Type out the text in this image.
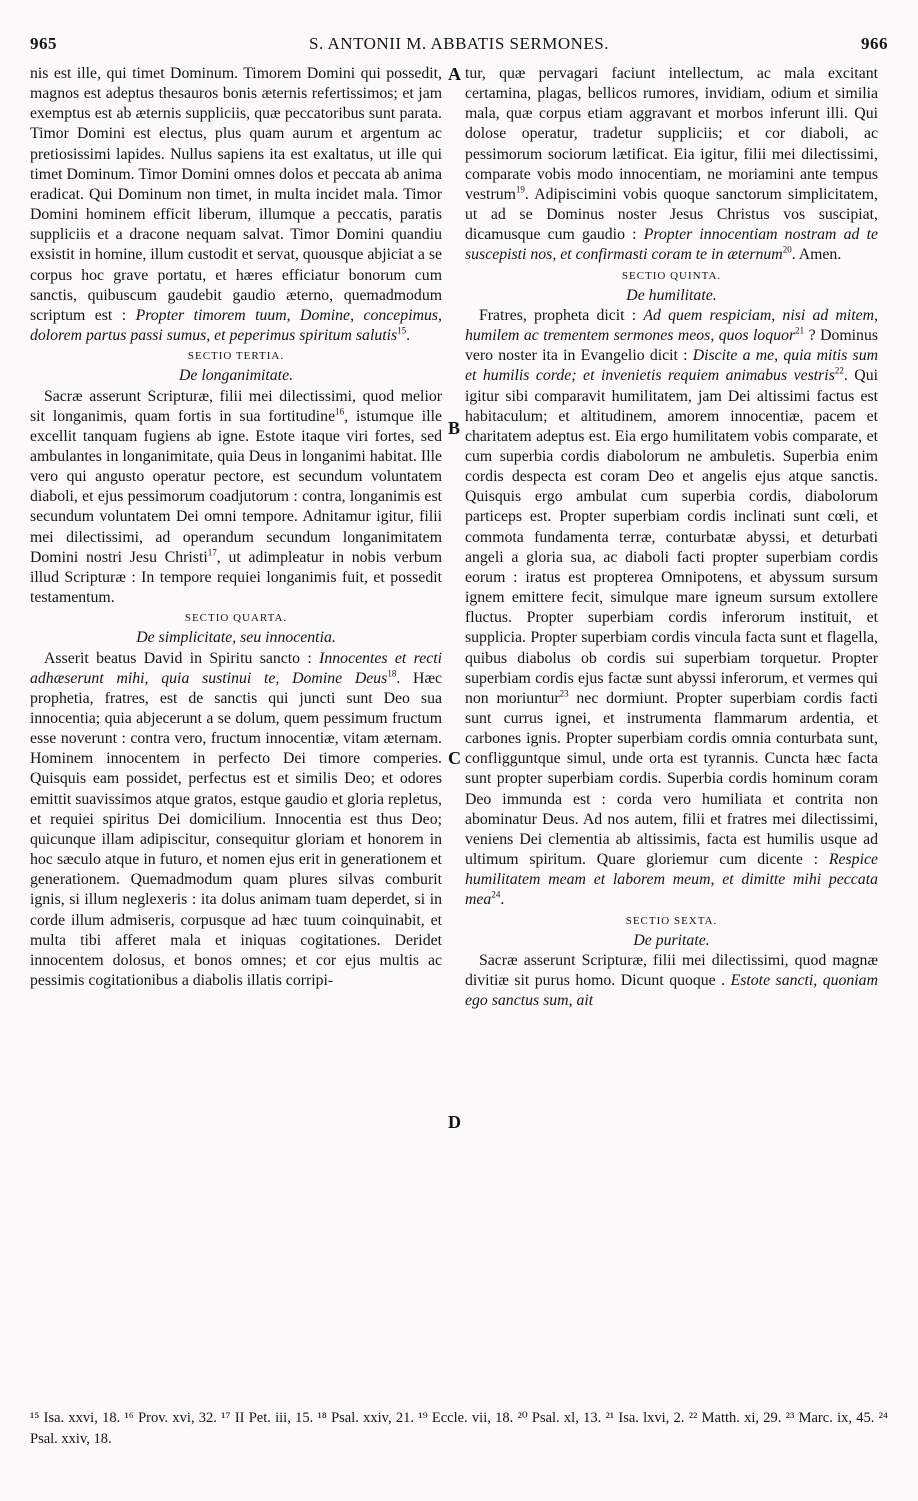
965	S. ANTONII M. ABBATIS SERMONES.	966

nis est ille, qui timet Dominum. Timorem Domini qui possedit, magnos est adeptus thesauros bonis æternis refertissimos; et jam exemptus est ab æternis suppliciis, quæ peccatoribus sunt parata. Timor Domini est electus, plus quam aurum et argentum ac pretiosissimi lapides. Nullus sapiens ita est exaltatus, ut ille qui timet Dominum. Timor Domini omnes dolos et peccata ab anima eradicat. Qui Dominum non timet, in multa incidet mala. Timor Domini hominem efficit liberum, illumque a peccatis, paratis suppliciis et a dracone nequam salvat. Timor Domini quandiu exsistit in homine, illum custodit et servat, quousque abjiciat a se corpus hoc grave portatu, et hæres efficiatur bonorum cum sanctis, quibuscum gaudebit gaudio æterno, quemadmodum scriptum est : Propter timorem tuum, Domine, concepimus, dolorem partus passi sumus, et peperimus spiritum salutis$^{15}$.

SECTIO TERTIA.
De longanimitate.

Sacræ asserunt Scripturæ, filii mei dilectissimi, quod melior sit longanimis, quam fortis in sua fortitudine$^{16}$, istumque ille excellit tanquam fugiens ab igne. Estote itaque viri fortes, sed ambulantes in longanimitate, quia Deus in longanimi habitat. Ille vero qui angusto operatur pectore, est secundum voluntatem diaboli, et ejus pessimorum coadjutorum : contra, longanimis est secundum voluntatem Dei omni tempore. Adnitamur igitur, filii mei dilectissimi, ad operandum secundum longanimitatem Domini nostri Jesu Christi$^{17}$, ut adimpleatur in nobis verbum illud Scripturæ : In tempore requiei longanimis fuit, et possedit testamentum.

SECTIO QUARTA.
De simplicitate, seu innocentia.

Asserit beatus David in Spiritu sancto : Innocentes et recti adhæserunt mihi, quia sustinui te, Domine Deus$^{18}$. Hæc prophetia, fratres, est de sanctis qui juncti sunt Deo sua innocentia; quia abjecerunt a se dolum, quem pessimum fructum esse noverunt : contra vero, fructum innocentiæ, vitam æternam. Hominem innocentem in perfecto Dei timore comperies. Quisquis eam possidet, perfectus est et similis Deo; et odores emittit suavissimos atque gratos, estque gaudio et gloria repletus, et requiei spiritus Dei domicilium. Innocentia est thus Deo; quicunque illam adipiscitur, consequitur gloriam et honorem in hoc sæculo atque in futuro, et nomen ejus erit in generationem et generationem. Quemadmodum quam plures silvas comburit ignis, si illum neglexeris : ita dolus animam tuam deperdet, si in corde illum admiseris, corpusque ad hæc tuum coinquinabit, et multa tibi afferet mala et iniquas cogitationes. Deridet innocentem dolosus, et bonos omnes; et cor ejus multis ac pessimis cogitationibus a diabolis illatis corripi-

A
B
C
D

tur, quæ pervagari faciunt intellectum, ac mala excitant certamina, plagas, bellicos rumores, invidiam, odium et similia mala, quæ corpus etiam aggravant et morbos inferunt illi. Qui dolose operatur, tradetur suppliciis; et cor diaboli, ac pessimorum sociorum lætificat. Eia igitur, filii mei dilectissimi, comparate vobis modo innocentiam, ne moriamini ante tempus vestrum$^{19}$. Adipiscimini vobis quoque sanctorum simplicitatem, ut ad se Dominus noster Jesus Christus vos suscipiat, dicamusque cum gaudio : Propter innocentiam nostram ad te suscepisti nos, et confirmasti coram te in æternum$^{20}$. Amen.

SECTIO QUINTA.
De humilitate.

Fratres, propheta dicit : Ad quem respiciam, nisi ad mitem, humilem ac trementem sermones meos, quos loquor$^{21}$ ? Dominus vero noster ita in Evangelio dicit : Discite a me, quia mitis sum et humilis corde; et invenietis requiem animabus vestris$^{22}$. Qui igitur sibi comparavit humilitatem, jam Dei altissimi factus est habitaculum; et altitudinem, amorem innocentiæ, pacem et charitatem adeptus est. Eia ergo humilitatem vobis comparate, et cum superbia cordis diabolorum ne ambuletis. Superbia enim cordis despecta est coram Deo et angelis ejus atque sanctis. Quisquis ergo ambulat cum superbia cordis, diabolorum particeps est. Propter superbiam cordis inclinati sunt cœli, et commota fundamenta terræ, conturbatæ abyssi, et deturbati angeli a gloria sua, ac diaboli facti propter superbiam cordis eorum : iratus est propterea Omnipotens, et abyssum sursum ignem emittere fecit, simulque mare igneum sursum extollere fluctus. Propter superbiam cordis inferorum instituit, et supplicia. Propter superbiam cordis vincula facta sunt et flagella, quibus diabolus ob cordis sui superbiam torquetur. Propter superbiam cordis ejus factæ sunt abyssi inferorum, et vermes qui non moriuntur$^{23}$ nec dormiunt. Propter superbiam cordis facti sunt currus ignei, et instrumenta flammarum ardentia, et carbones ignis. Propter superbiam cordis omnia conturbata sunt, confligguntque simul, unde orta est tyrannis. Cuncta hæc facta sunt propter superbiam cordis. Superbia cordis hominum coram Deo immunda est : corda vero humiliata et contrita non abominatur Deus. Ad nos autem, filii et fratres mei dilectissimi, veniens Dei clementia ab altissimis, facta est humilis usque ad ultimum spiritum. Quare gloriemur cum dicente : Respice humilitatem meam et laborem meum, et dimitte mihi peccata mea$^{24}$.

SECTIO SEXTA.
De puritate.

Sacræ asserunt Scripturæ, filii mei dilectissimi, quod magnæ divitiæ sit purus homo. Dicunt quoque . Estote sancti, quoniam ego sanctus sum, ait

¹⁵ Isa. xxvi, 18. ¹⁶ Prov. xvi, 32. ¹⁷ II Pet. iii, 15. ¹⁸ Psal. xxiv, 21. ¹⁹ Eccle. vii, 18. ²⁰ Psal. xl, 13. ²¹ Isa. lxvi, 2. ²² Matth. xi, 29. ²³ Marc. ix, 45. ²⁴ Psal. xxiv, 18.
